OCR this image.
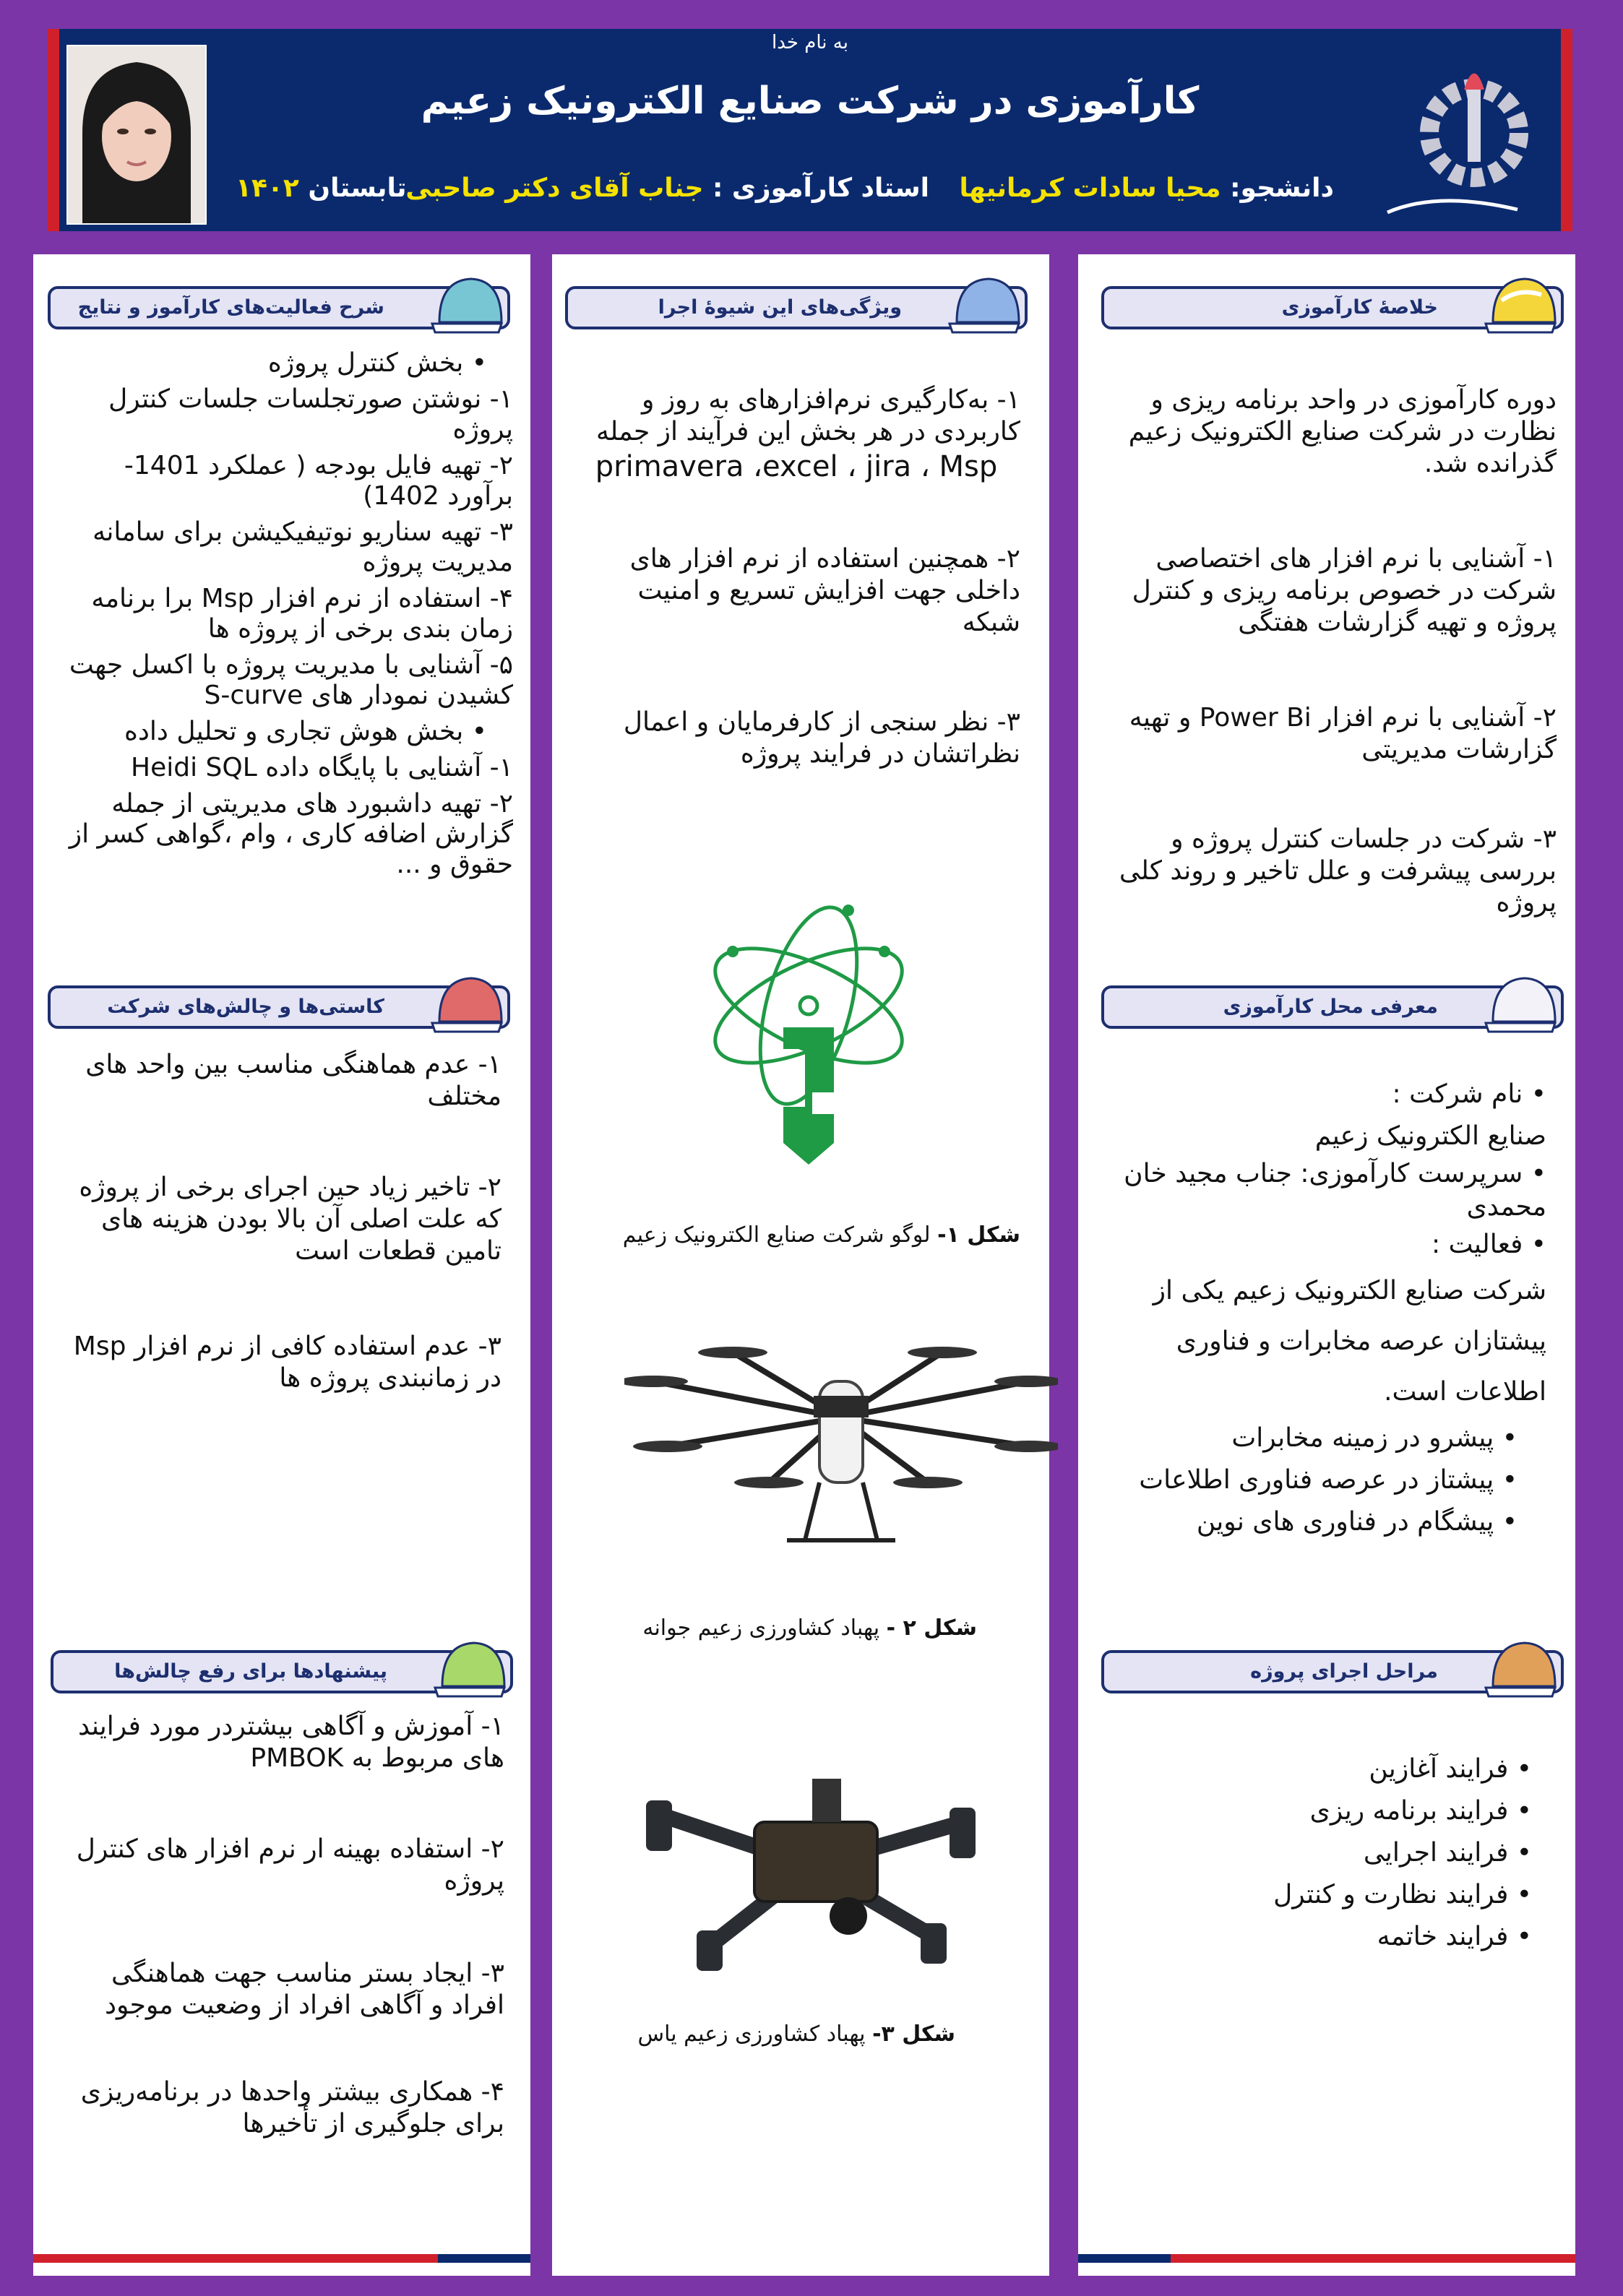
به نام خدا
کارآموزی در شرکت صنایع الکترونیک زعیم
دانشجو: محیا سادات کرمانیها
استاد کارآموزی : جناب آقای دکتر صاحبی
تابستان ۱۴۰۲
خلاصهٔ کارآموزی
دوره کارآموزی در واحد برنامه ریزی و نظارت در شرکت صنایع الکترونیک زعیم گذرانده شد.
۱- آشنایی با نرم افزار های اختصاصی شرکت در خصوص برنامه ریزی و کنترل پروژه و تهیه گزارشات هفتگی
۲- آشنایی با نرم افزار Power Bi و تهیه گزارشات مدیریتی
۳- شرکت در جلسات کنترل پروژه و بررسی پیشرفت و علل تاخیر و روند کلی پروژه
معرفی محل کارآموزی

• نام شرکت :

صنایع الکترونیک زعیم

• سرپرست کارآموزی: جناب مجید خان محمدی

• فعالیت :

شرکت صنایع الکترونیک زعیم یکی از پیشتازان عرصه مخابرات و فناوری اطلاعات است.

• پیشرو در زمینه مخابرات

• پیشتاز در عرصه فناوری اطلاعات

• پیشگام در فناوری های نوین

مراحل اجرای پروژه

• فرایند آغازین

• فرایند برنامه ریزی

• فرایند اجرایی

• فرایند نظارت و کنترل

• فرایند خاتمه

ویژگی‌های این شیوهٔ اجرا

۱- به‌کارگیری نرم‌افزارهای به روز و کاربردی در هر بخش این فرآیند از جمله

primavera ،excel ، jira ، Msp

۲- همچنین استفاده از نرم افزار های داخلی جهت افزایش تسریع و امنیت شبکه
۳- نظر سنجی از کارفرمایان و اعمال نظراتشان در فرایند پروژه
شکل ۱- لوگو شرکت صنایع الکترونیک زعیم
شکل ۲ - پهباد کشاورزی زعیم جوانه
شکل ۳- پهباد کشاورزی زعیم یاس
شرح فعالیت‌های کارآموز و نتایج

• بخش کنترل پروژه

۱- نوشتن صورتجلسات جلسات کنترل پروژه

۲- تهیه فایل بودجه ( عملکرد 1401- برآورد 1402)

۳- تهیه سناریو نوتیفیکیشن برای سامانه مدیریت پروژه

۴- استفاده از نرم افزار Msp برا برنامه زمان بندی برخی از پروژه ها

۵- آشنایی با مدیریت پروژه با اکسل جهت کشیدن نمودار های S-curve

• بخش هوش تجاری و تحلیل داده

۱- آشنایی با پایگاه داده Heidi SQL

۲- تهیه داشبورد های مدیریتی از جمله گزارش اضافه کاری ، وام ،گواهی کسر از حقوق و ...

کاستی‌ها و چالش‌های شرکت
۱- عدم هماهنگی مناسب بین واحد های مختلف
۲- تاخیر زیاد حین اجرای برخی از پروژه که علت اصلی آن بالا بودن هزینه های تامین قطعات است
۳- عدم استفاده کافی از نرم افزار Msp در زمانبندی پروژه ها
پیشنهادها برای رفع چالش‌ها
۱- آموزش و آگاهی بیشتردر مورد فرایند های مربوط به PMBOK
۲- استفاده بهینه ار نرم افزار های کنترل پروژه
۳- ایجاد بستر مناسب جهت هماهنگی افراد و آگاهی افراد از وضعیت موجود
۴- همکاری بیشتر واحدها در برنامه‌ریزی برای جلوگیری از تأخیرها
